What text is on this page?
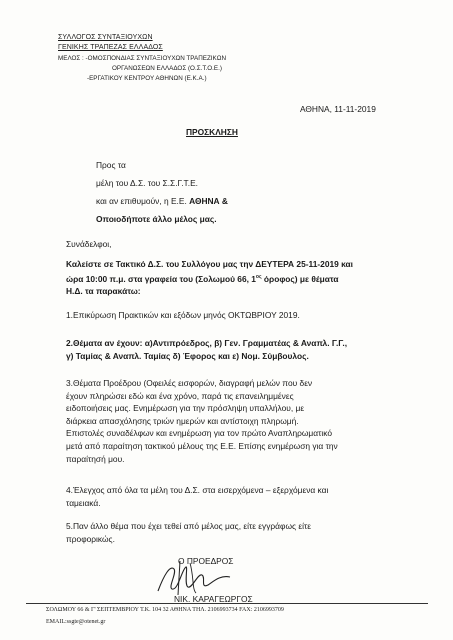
ΣΥΛΛΟΓΟΣ ΣΥΝΤΑΞΙΟΥΧΩΝ
ΓΕΝΙΚΗΣ ΤΡΑΠΕΖΑΣ ΕΛΛΑΔΟΣ
ΜΕΛΟΣ : -ΟΜΟΣΠΟΝΔΙΑΣ ΣΥΝΤΑΞΙΟΥΧΩΝ ΤΡΑΠΕΖΙΚΩΝ
ΟΡΓΑΝΩΣΕΩΝ ΕΛΛΑΔΟΣ (Ο.Σ.Τ.Ο.Ε.)
-ΕΡΓΑΤΙΚΟΥ ΚΕΝΤΡΟΥ ΑΘΗΝΩΝ (Ε.Κ.Α.)
ΑΘΗΝΑ, 11-11-2019
ΠΡΟΣΚΛΗΣΗ
Προς τα
μέλη του Δ.Σ. του Σ.Σ.Γ.Τ.Ε.
και αν επιθυμούν, η Ε.Ε. ΑΘΗΝΑ &
Οποιοδήποτε άλλο μέλος μας.
Συνάδελφοι,
Καλείστε σε Τακτικό Δ.Σ. του Συλλόγου μας την ΔΕΥΤΕΡΑ 25-11-2019 και
ώρα 10:00 π.μ. στα γραφεία του (Σολωμού 66, $1^{o\varsigma}$ όροφος) με θέματα
Η.Δ. τα παρακάτω:
1.Επικύρωση Πρακτικών και εξόδων μηνός ΟΚΤΩΒΡΙΟΥ 2019.
2.Θέματα αν έχουν: α)Αντιπρόεδρος, β) Γεν. Γραμματέας & Αναπλ. Γ.Γ.,
γ) Ταμίας & Αναπλ. Ταμίας δ) Έφορος και ε) Νομ. Σύμβουλος.
3.Θέματα Προέδρου (Οφειλές εισφορών, διαγραφή μελών που δεν
έχουν πληρώσει εδώ και ένα χρόνο, παρά τις επανειλημμένες
ειδοποιήσεις μας. Ενημέρωση για την πρόσληψη υπαλλήλου, με
διάρκεια απασχόλησης τριών ημερών και αντίστοιχη πληρωμή.
Επιστολές συναδέλφων και ενημέρωση για τον πρώτο Αναπληρωματικό
μετά από παραίτηση τακτικού μέλους της Ε.Ε. Επίσης ενημέρωση για την
παραίτησή μου.
4.Έλεγχος από όλα τα μέλη του Δ.Σ. στα εισερχόμενα – εξερχόμενα και
ταμειακά.
5.Παν άλλο θέμα που έχει τεθεί από μέλος μας, είτε εγγράφως είτε
προφορικώς.
Ο ΠΡΟΕΔΡΟΣ
ΝΙΚ. ΚΑΡΑΓΕΩΡΓΟΣ
ΣΟΛΩΜΟΥ 66 & Γ' ΣΕΠΤΕΜΒΡΙΟΥ Τ.Κ. 104 32 ΑΘΗΝΑ ΤΗΛ. 2106993734 FAX: 2106993709
EMAIL:ssgte@otenet.gr
